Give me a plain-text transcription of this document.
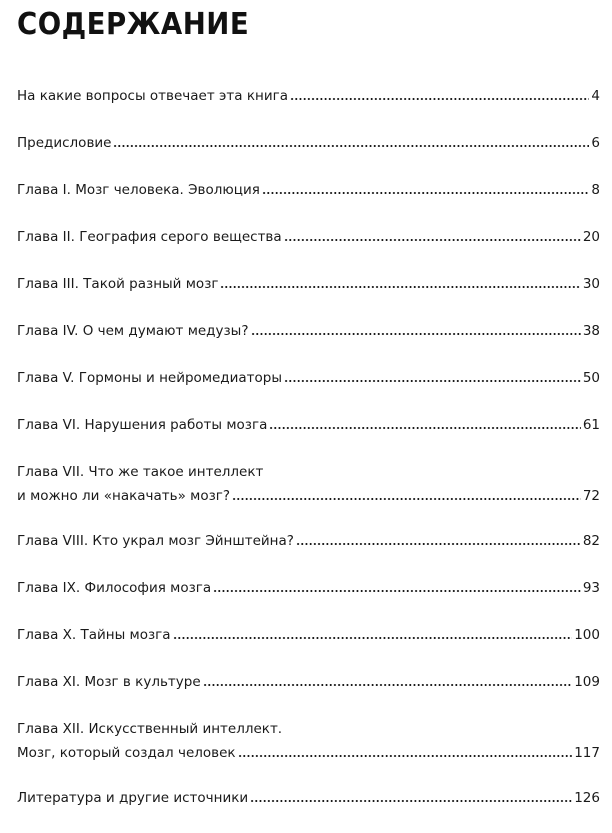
СОДЕРЖАНИЕ
На какие вопросы отвечает эта книга	4
Предисловие	6
Глава I. Мозг человека. Эволюция	8
Глава II. География серого вещества	20
Глава III. Такой разный мозг	30
Глава IV. О чем думают медузы?	38
Глава V. Гормоны и нейромедиаторы	50
Глава VI. Нарушения работы мозга	61
Глава VII. Что же такое интеллект
и можно ли «накачать» мозг?	72
Глава VIII. Кто украл мозг Эйнштейна?	82
Глава IX. Философия мозга	93
Глава X. Тайны мозга	100
Глава XI. Мозг в культуре	109
Глава XII. Искусственный интеллект.
Мозг, который создал человек	117
Литература и другие источники	126
